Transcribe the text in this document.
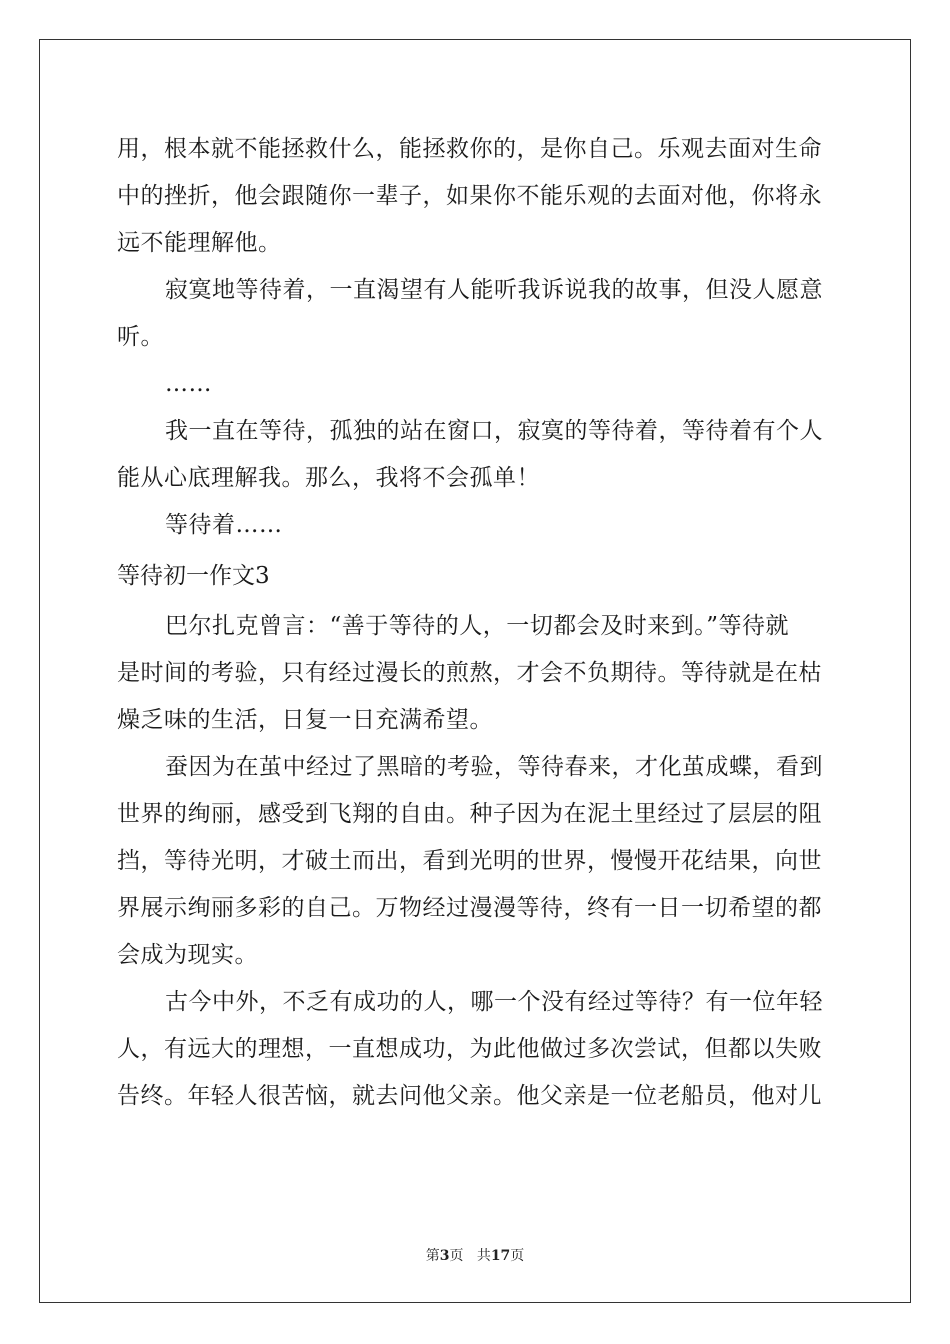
用，根本就不能拯救什么，能拯救你的，是你自己。乐观去面对生命
中的挫折，他会跟随你一辈子，如果你不能乐观的去面对他，你将永
远不能理解他。
寂寞地等待着，一直渴望有人能听我诉说我的故事，但没人愿意
听。
……
我一直在等待，孤独的站在窗口，寂寞的等待着，等待着有个人
能从心底理解我。那么，我将不会孤单！
等待着……
等待初一作文3
巴尔扎克曾言：“善于等待的人，一切都会及时来到。”等待就
是时间的考验，只有经过漫长的煎熬，才会不负期待。等待就是在枯
燥乏味的生活，日复一日充满希望。
蚕因为在茧中经过了黑暗的考验，等待春来，才化茧成蝶，看到
世界的绚丽，感受到飞翔的自由。种子因为在泥土里经过了层层的阻
挡，等待光明，才破土而出，看到光明的世界，慢慢开花结果，向世
界展示绚丽多彩的自己。万物经过漫漫等待，终有一日一切希望的都
会成为现实。
古今中外，不乏有成功的人，哪一个没有经过等待？有一位年轻
人，有远大的理想，一直想成功，为此他做过多次尝试，但都以失败
告终。年轻人很苦恼，就去问他父亲。他父亲是一位老船员，他对儿
第3页 共17页
